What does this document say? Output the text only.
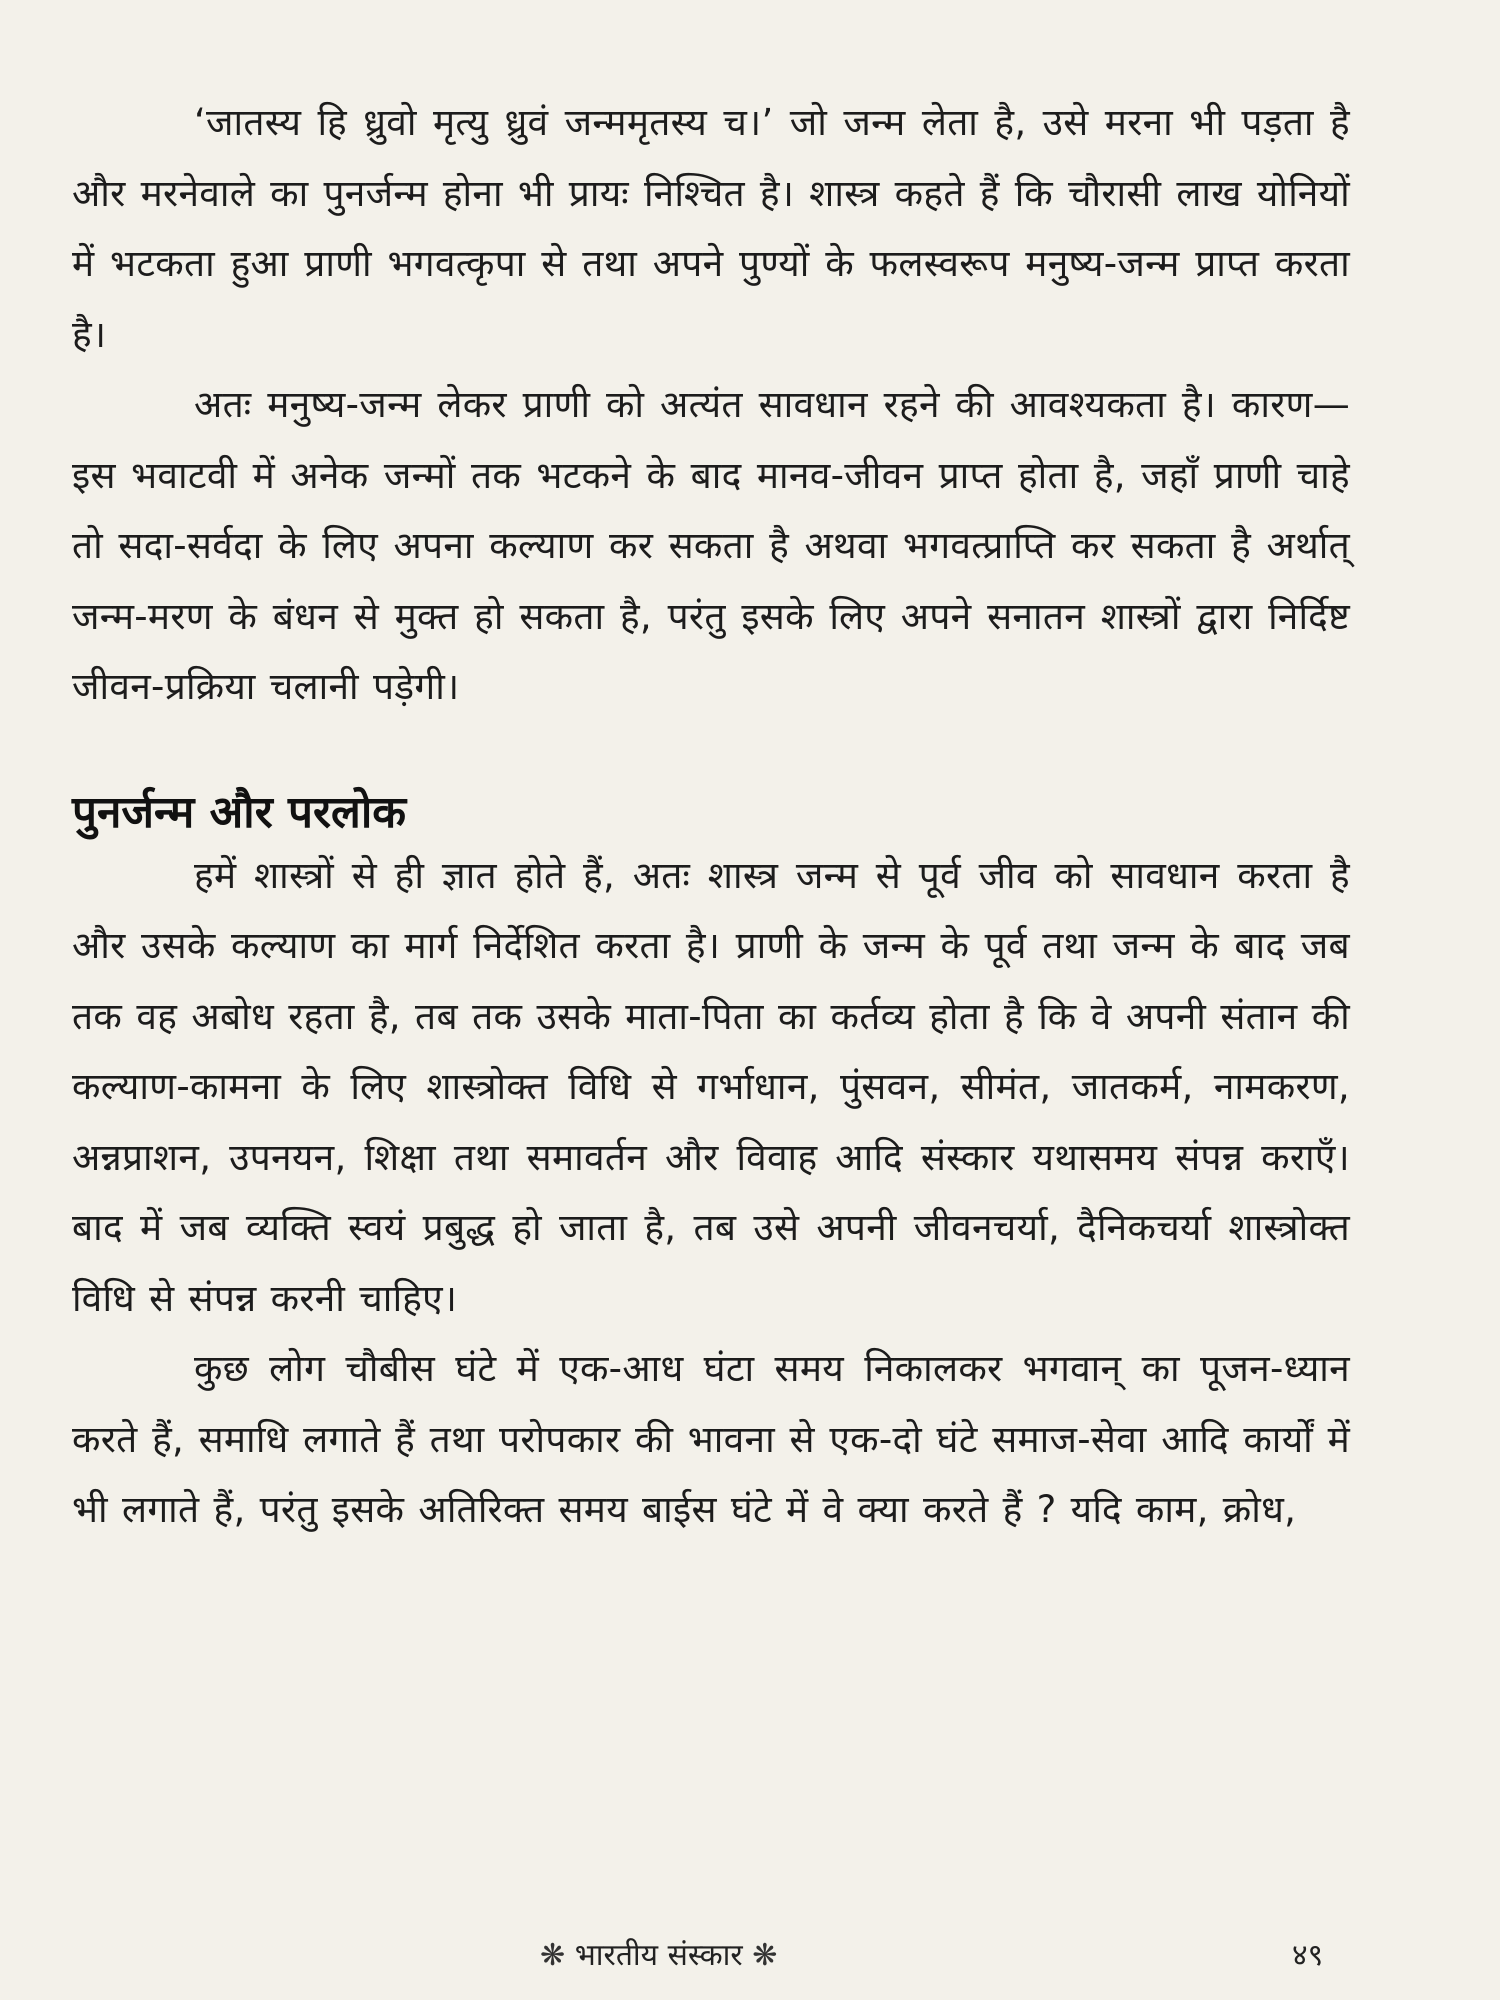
‘जातस्य हि ध्रुवो मृत्यु ध्रुवं जन्ममृतस्य च।’ जो जन्म लेता है, उसे मरना भी पड़ता है और मरनेवाले का पुनर्जन्म होना भी प्रायः निश्चित है। शास्त्र कहते हैं कि चौरासी लाख योनियों में भटकता हुआ प्राणी भगवत्कृपा से तथा अपने पुण्यों के फलस्वरूप मनुष्य-जन्म प्राप्त करता है।

अतः मनुष्य-जन्म लेकर प्राणी को अत्यंत सावधान रहने की आवश्यकता है। कारण—इस भवाटवी में अनेक जन्मों तक भटकने के बाद मानव-जीवन प्राप्त होता है, जहाँ प्राणी चाहे तो सदा-सर्वदा के लिए अपना कल्याण कर सकता है अथवा भगवत्प्राप्ति कर सकता है अर्थात् जन्म-मरण के बंधन से मुक्त हो सकता है, परंतु इसके लिए अपने सनातन शास्त्रों द्वारा निर्दिष्ट जीवन-प्रक्रिया चलानी पड़ेगी।

पुनर्जन्म और परलोक

हमें शास्त्रों से ही ज्ञात होते हैं, अतः शास्त्र जन्म से पूर्व जीव को सावधान करता है और उसके कल्याण का मार्ग निर्देशित करता है। प्राणी के जन्म के पूर्व तथा जन्म के बाद जब तक वह अबोध रहता है, तब तक उसके माता-पिता का कर्तव्य होता है कि वे अपनी संतान की कल्याण-कामना के लिए शास्त्रोक्त विधि से गर्भाधान, पुंसवन, सीमंत, जातकर्म, नामकरण, अन्नप्राशन, उपनयन, शिक्षा तथा समावर्तन और विवाह आदि संस्कार यथासमय संपन्न कराएँ। बाद में जब व्यक्ति स्वयं प्रबुद्ध हो जाता है, तब उसे अपनी जीवनचर्या, दैनिकचर्या शास्त्रोक्त विधि से संपन्न करनी चाहिए।

कुछ लोग चौबीस घंटे में एक-आध घंटा समय निकालकर भगवान् का पूजन-ध्यान करते हैं, समाधि लगाते हैं तथा परोपकार की भावना से एक-दो घंटे समाज-सेवा आदि कार्यों में भी लगाते हैं, परंतु इसके अतिरिक्त समय बाईस घंटे में वे क्या करते हैं ? यदि काम, क्रोध,

❋ भारतीय संस्कार ❋	४९
